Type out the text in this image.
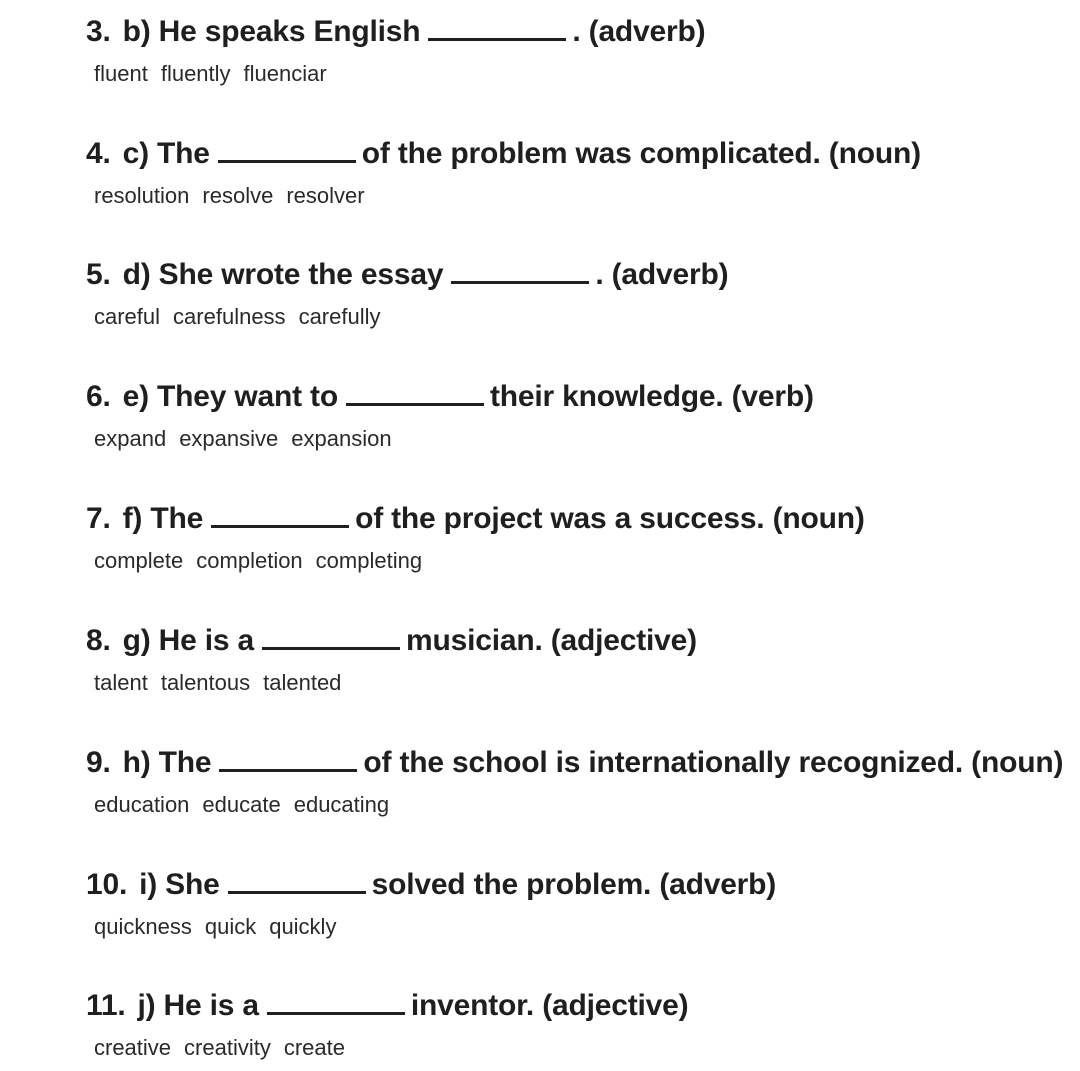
3. b) He speaks English	. (adverb)
fluent fluently fluenciar
4. c) The	of the problem was complicated. (noun)
resolution resolve resolver
5. d) She wrote the essay	. (adverb)
careful carefulness carefully
6. e) They want to	their knowledge. (verb)
expand expansive expansion
7. f) The	of the project was a success. (noun)
complete completion completing
8. g) He is a	musician. (adjective)
talent talentous talented
9. h) The	of the school is internationally recognized. (noun)
education educate educating
10. i) She	solved the problem. (adverb)
quickness quick quickly
11. j) He is a	inventor. (adjective)
creative creativity create
